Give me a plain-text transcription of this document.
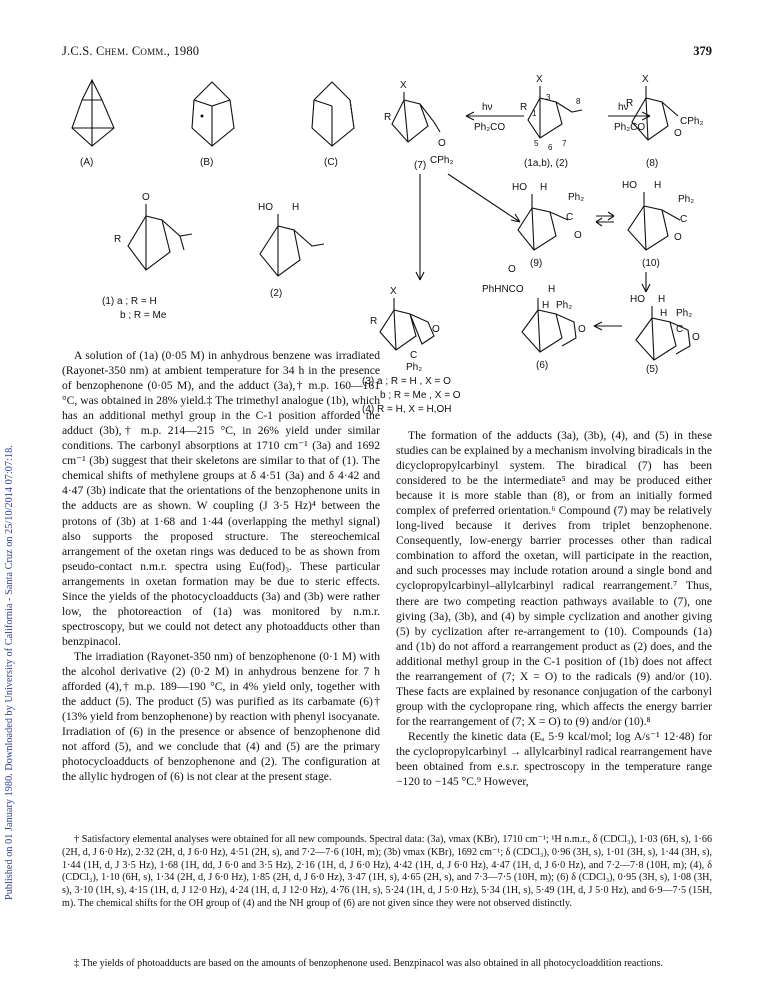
Published on 01 January 1980. Downloaded by University of California - Santa Cruz on 25/10/2014 07:07:18.
J.C.S. Chem. Comm., 1980	379
(A)	(B)	(C)
X
R
O
CPh₂
(7)
hν
Ph₂CO
hν
Ph₂CO
X
R
3
1
8
5 6 7
(1a,b), (2)
X
R
O
CPh₂
(8)
O
R
(1) a ; R = H
b ; R = Me
HO H
(2)
HO H
Ph₂
C
O
(9)
HO H
Ph₂
C
O
(10)
X
R
O
C
Ph₂
(3) a ; R = H , X = O
b ; R = Me , X = O
(4) R = H, X = H,OH
O
PhHNCO H
H Ph₂
O
(6)
HO H
H Ph₂
C
O
(5)

A solution of (1a) (0·05 M) in anhydrous benzene was irradiated (Rayonet-350 nm) at ambient temperature for 34 h in the presence of benzophenone (0·05 M), and the adduct (3a),† m.p. 160—161 °C, was obtained in 28% yield.‡ The trimethyl analogue (1b), which has an additional methyl group in the C-1 position afforded the adduct (3b),† m.p. 214—215 °C, in 26% yield under similar conditions. The carbonyl absorptions at 1710 cm⁻¹ (3a) and 1692 cm⁻¹ (3b) suggest that their skeletons are similar to that of (1). The chemical shifts of methylene groups at δ 4·51 (3a) and δ 4·42 and 4·47 (3b) indicate that the orientations of the benzophenone units in the adducts are as shown. W coupling (J 3·5 Hz)⁴ between the protons of (3b) at 1·68 and 1·44 (overlapping the methyl signal) also supports the proposed structure. The stereochemical arrangement of the oxetan rings was deduced to be as shown from pseudo-contact n.m.r. spectra using Eu(fod)₃. These particular arrangements in oxetan formation may be due to steric effects. Since the yields of the photocycloadducts (3a) and (3b) were rather low, the photoreaction of (1a) was monitored by n.m.r. spectroscopy, but we could not detect any photoadducts other than benzpinacol.

The irradiation (Rayonet-350 nm) of benzophenone (0·1 M) with the alcohol derivative (2) (0·2 M) in anhydrous benzene for 7 h afforded (4),† m.p. 189—190 °C, in 4% yield only, together with the adduct (5). The product (5) was purified as its carbamate (6)† (13% yield from benzophenone) by reaction with phenyl isocyanate. Irradiation of (6) in the presence or absence of benzophenone did not afford (5), and we conclude that (4) and (5) are the primary photocycloadducts of benzophenone and (2). The configuration at the allylic hydrogen of (6) is not clear at the present stage.

The formation of the adducts (3a), (3b), (4), and (5) in these studies can be explained by a mechanism involving biradicals in the dicyclopropylcarbinyl system. The biradical (7) has been considered to be the intermediate⁵ and may be produced either because it is more stable than (8), or from an initially formed complex of preferred orientation.⁶ Compound (7) may be relatively long-lived because it derives from triplet benzophenone. Consequently, low-energy barrier processes other than radical combination to afford the oxetan, will participate in the reaction, and such processes may include rotation around a single bond and cyclopropylcarbinyl–allylcarbinyl radical rearrangement.⁷ Thus, there are two competing reaction pathways available to (7), one giving (3a), (3b), and (4) by simple cyclization and another giving (5) by cyclization after re-arrangement to (10). Compounds (1a) and (1b) do not afford a rearrangement product as (2) does, and the additional methyl group in the C-1 position of (1b) does not affect the rearrangement of (7; X = O) to the radicals (9) and/or (10). These facts are explained by resonance conjugation of the carbonyl group with the cyclopropane ring, which affects the energy barrier for the rearrangement of (7; X = O) to (9) and/or (10).⁸

Recently the kinetic data (Eₐ 5·9 kcal/mol; log A/s⁻¹ 12·48) for the cyclopropylcarbinyl → allylcarbinyl radical rearrangement have been obtained from e.s.r. spectroscopy in the temperature range −120 to −145 °C.⁹ However,

† Satisfactory elemental analyses were obtained for all new compounds. Spectral data: (3a), νmax (KBr), 1710 cm⁻¹; ¹H n.m.r., δ (CDCl₃), 1·03 (6H, s), 1·66 (2H, d, J 6·0 Hz), 2·32 (2H, d, J 6·0 Hz), 4·51 (2H, s), and 7·2—7·6 (10H, m); (3b) νmax (KBr), 1692 cm⁻¹; δ (CDCl₃), 0·96 (3H, s), 1·01 (3H, s), 1·44 (3H, s), 1·44 (1H, d, J 3·5 Hz), 1·68 (1H, dd, J 6·0 and 3·5 Hz), 2·16 (1H, d, J 6·0 Hz), 4·42 (1H, d, J 6·0 Hz), 4·47 (1H, d, J 6·0 Hz), and 7·2—7·8 (10H, m); (4), δ (CDCl₃), 1·10 (6H, s), 1·34 (2H, d, J 6·0 Hz), 1·85 (2H, d, J 6·0 Hz), 3·47 (1H, s), 4·65 (2H, s), and 7·3—7·5 (10H, m); (6) δ (CDCl₃), 0·95 (3H, s), 1·08 (3H, s), 3·10 (1H, s), 4·15 (1H, d, J 12·0 Hz), 4·24 (1H, d, J 12·0 Hz), 4·76 (1H, s), 5·24 (1H, d, J 5·0 Hz), 5·34 (1H, s), 5·49 (1H, d, J 5·0 Hz), and 6·9—7·5 (15H, m). The chemical shifts for the OH group of (4) and the NH group of (6) are not given since they were not observed distinctly.

‡ The yields of photoadducts are based on the amounts of benzophenone used. Benzpinacol was also obtained in all photocycloaddition reactions.
